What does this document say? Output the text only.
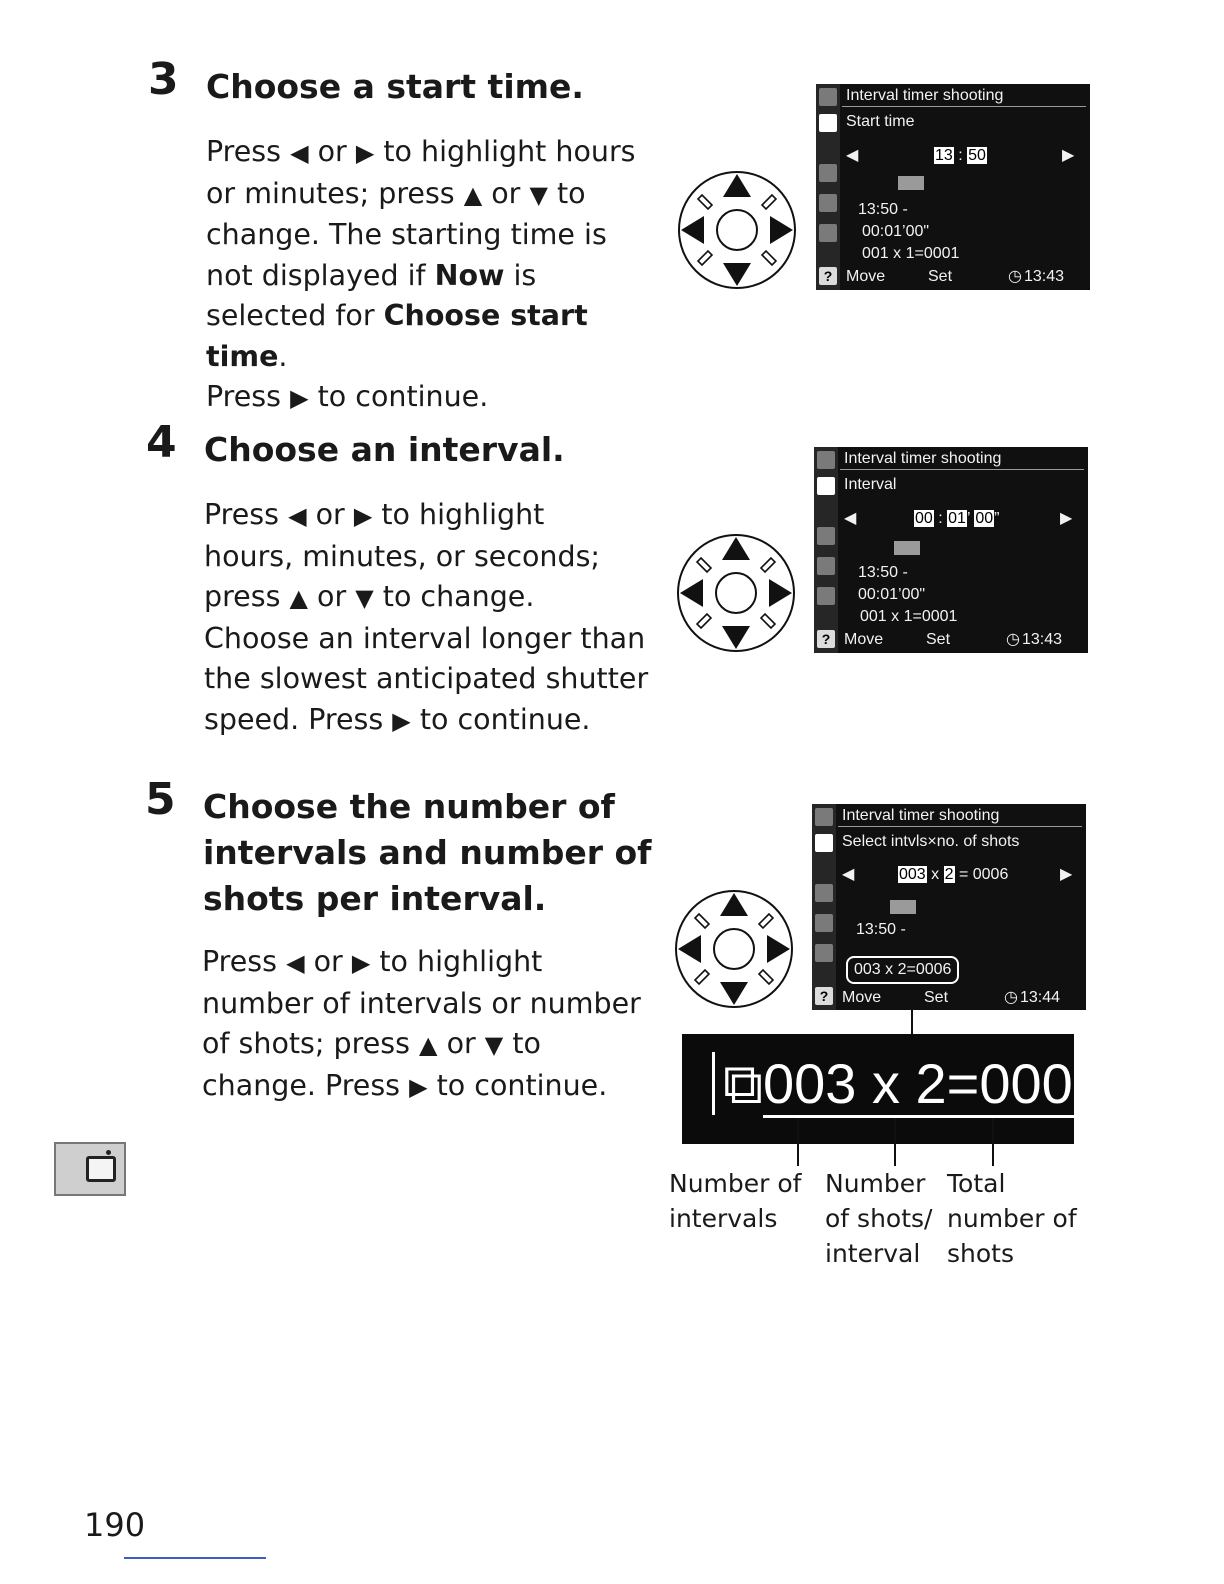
3 Choose a start time.
Press ◀ or ▶ to highlight hours
or minutes; press ▲ or ▼ to
change. The starting time is
not displayed if Now is
selected for Choose start time.
Press ▶ to continue.
?
Interval timer shooting
Start time
◀	13 : 50	▶
13:50 -
00:01’00"
001 x 1=0001
Move	Set	◷ 13:43
4 Choose an interval.
Press ◀ or ▶ to highlight
hours, minutes, or seconds;
press ▲ or ▼ to change.
Choose an interval longer than
the slowest anticipated shutter
speed. Press ▶ to continue.
?
Interval timer shooting
Interval
◀	00 : 01’ 00”	▶
13:50 -
00:01’00"
001 x 1=0001
Move	Set	◷ 13:43
5 Choose the number of
intervals and number of
shots per interval.
Press ◀ or ▶ to highlight
number of intervals or number
of shots; press ▲ or ▼ to
change. Press ▶ to continue.
?
Interval timer shooting
Select intvls×no. of shots
◀	003 x 2 = 0006	▶
13:50 -
003 x 2=0006
Move	Set	◷ 13:44
⧉003 x 2=0006
Number of
intervals
Number
of shots/
interval
Total
number of
shots
190
